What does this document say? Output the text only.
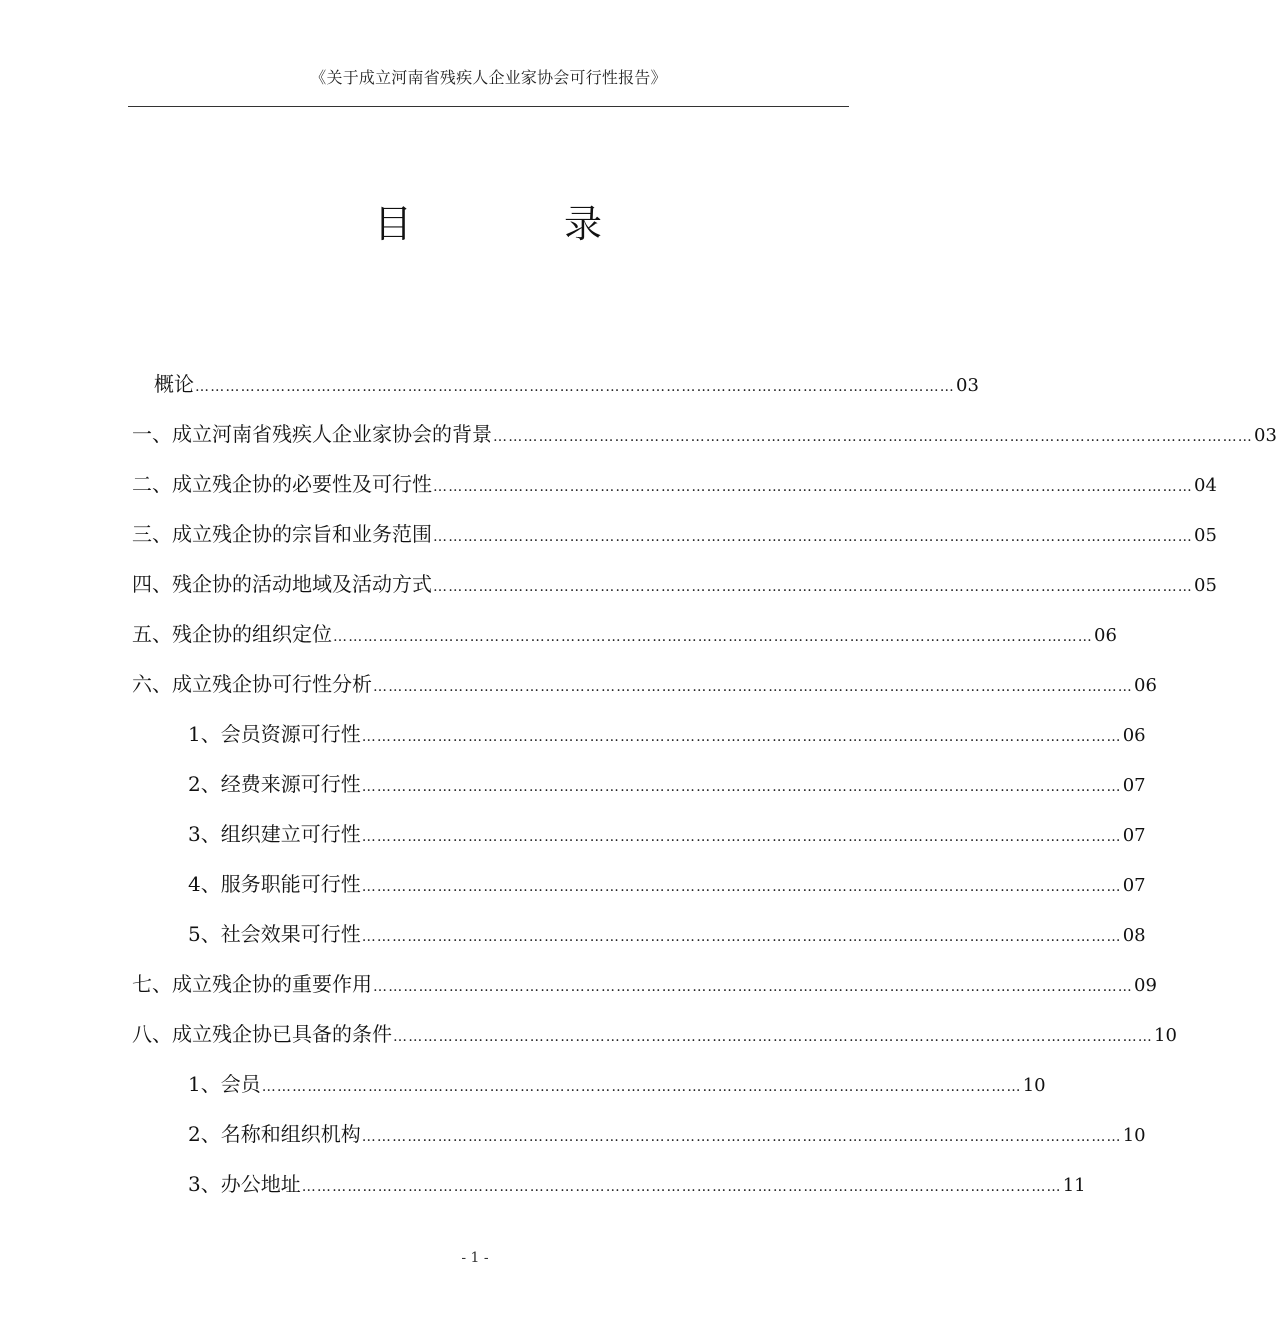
《关于成立河南省残疾人企业家协会可行性报告》
目	录
概论 …………………………………………………………………………………………………………………………………… 03
一、成立河南省残疾人企业家协会的背景 …………………………………………………………………………………………………………………………………… 03
二、成立残企协的必要性及可行性 …………………………………………………………………………………………………………………………………… 04
三、成立残企协的宗旨和业务范围 …………………………………………………………………………………………………………………………………… 05
四、残企协的活动地域及活动方式 …………………………………………………………………………………………………………………………………… 05
五、残企协的组织定位 …………………………………………………………………………………………………………………………………… 06
六、成立残企协可行性分析 …………………………………………………………………………………………………………………………………… 06
1、会员资源可行性 …………………………………………………………………………………………………………………………………… 06
2、经费来源可行性 …………………………………………………………………………………………………………………………………… 07
3、组织建立可行性 …………………………………………………………………………………………………………………………………… 07
4、服务职能可行性 …………………………………………………………………………………………………………………………………… 07
5、社会效果可行性 …………………………………………………………………………………………………………………………………… 08
七、成立残企协的重要作用 …………………………………………………………………………………………………………………………………… 09
八、成立残企协已具备的条件 …………………………………………………………………………………………………………………………………… 10
1、会员 …………………………………………………………………………………………………………………………………… 10
2、名称和组织机构 …………………………………………………………………………………………………………………………………… 10
3、办公地址 …………………………………………………………………………………………………………………………………… 11
- 1 -
